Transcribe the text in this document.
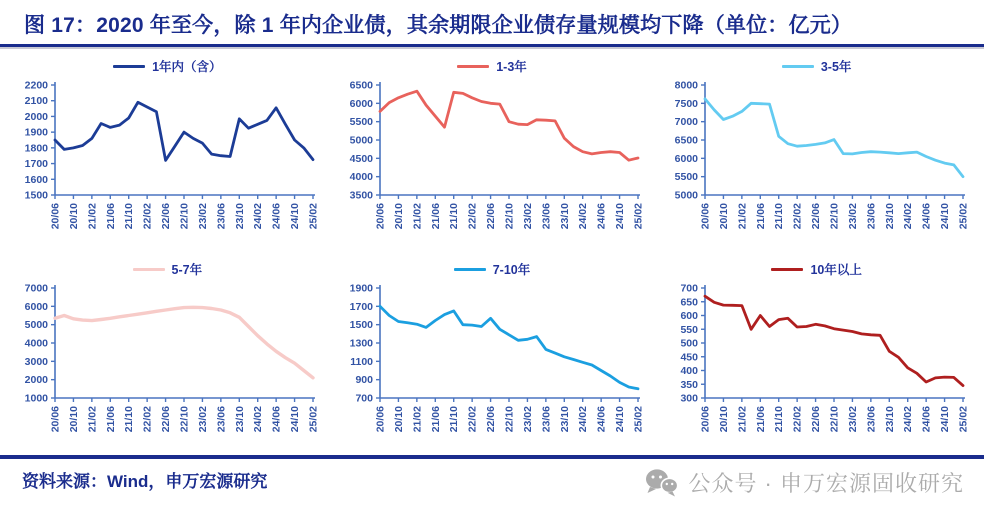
图 17：2020 年至今，除 1 年内企业债，其余期限企业债存量规模均下降（单位：亿元）
1年内（含）
1500
1600
1700
1800
1900
2000
2100
2200
20/06 20/10 21/02 21/06 21/10 22/02 22/06 22/10 23/02 23/06 23/10 24/02 24/06 24/10 25/02
1-3年
3500
4000
4500
5000
5500
6000
6500
20/06 20/10 21/02 21/06 21/10 22/02 22/06 22/10 23/02 23/06 23/10 24/02 24/06 24/10 25/02
3-5年
5000
5500
6000
6500
7000
7500
8000
20/06 20/10 21/02 21/06 21/10 22/02 22/06 22/10 23/02 23/06 23/10 24/02 24/06 24/10 25/02
5-7年
1000
2000
3000
4000
5000
6000
7000
20/06 20/10 21/02 21/06 21/10 22/02 22/06 22/10 23/02 23/06 23/10 24/02 24/06 24/10 25/02
7-10年
700
900
1100
1300
1500
1700
1900
20/06 20/10 21/02 21/06 21/10 22/02 22/06 22/10 23/02 23/06 23/10 24/02 24/06 24/10 25/02
10年以上
300
350
400
450
500
550
600
650
700
20/06 20/10 21/02 21/06 21/10 22/02 22/06 22/10 23/02 23/06 23/10 24/02 24/06 24/10 25/02
资料来源：Wind，申万宏源研究	公众号 · 申万宏源固收研究
